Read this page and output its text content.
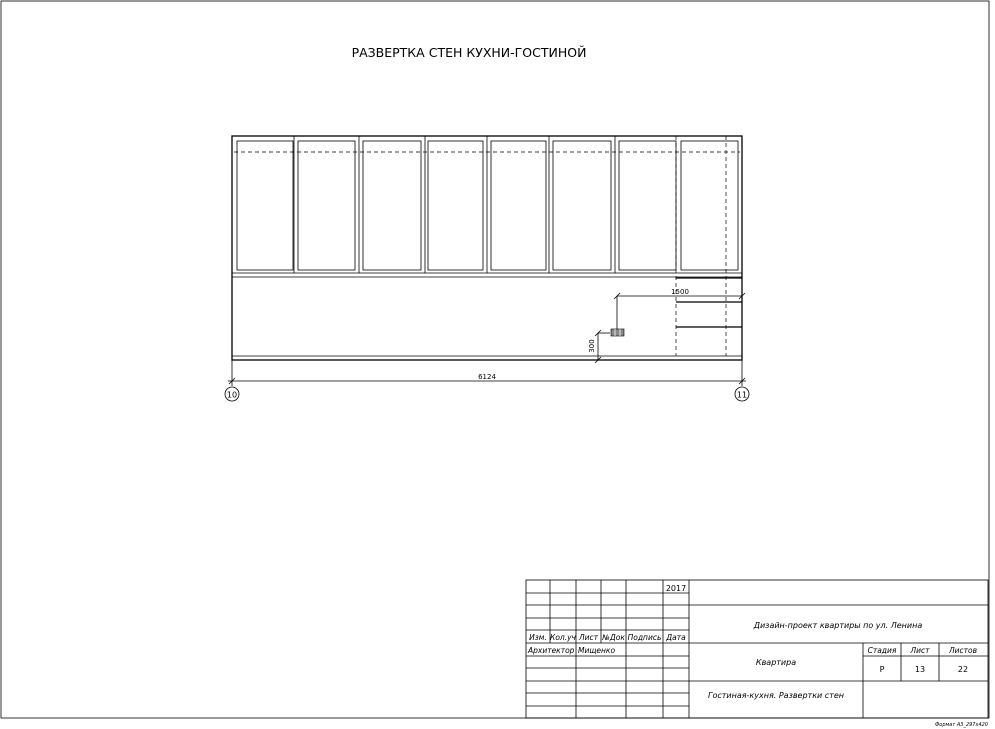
РАЗВЕРТКА СТЕН КУХНИ-ГОСТИНОЙ
1500
300
6124
10	11
2017
Изм. Кол.уч Лист №Док Подпись Дата
Архитектор Мищенко
Дизайн-проект квартиры по ул. Ленина
Квартира
Стадия Лист	Листов
Р	13	22
Гостиная-кухня. Развертки стен
Формат А3_297х420
